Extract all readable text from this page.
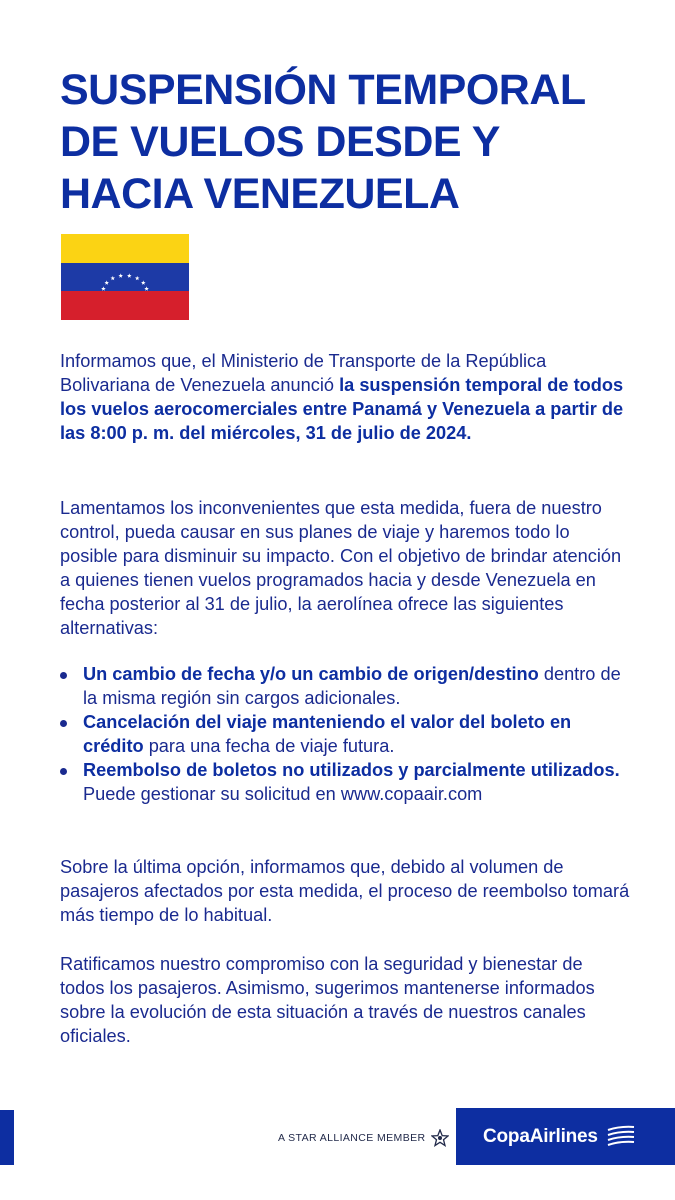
SUSPENSIÓN TEMPORAL DE VUELOS DESDE Y HACIA VENEZUELA

Informamos que, el Ministerio de Transporte de la República Bolivariana de Venezuela anunció la suspensión temporal de todos los vuelos aerocomerciales entre Panamá y Venezuela a partir de las 8:00 p. m. del miércoles, 31 de julio de 2024.

Lamentamos los inconvenientes que esta medida, fuera de nuestro control, pueda causar en sus planes de viaje y haremos todo lo posible para disminuir su impacto. Con el objetivo de brindar atención a quienes tienen vuelos programados hacia y desde Venezuela en fecha posterior al 31 de julio, la aerolínea ofrece las siguientes alternativas:

Un cambio de fecha y/o un cambio de origen/destino dentro de la misma región sin cargos adicionales.
Cancelación del viaje manteniendo el valor del boleto en crédito para una fecha de viaje futura.
Reembolso de boletos no utilizados y parcialmente utilizados. Puede gestionar su solicitud en www.copaair.com

Sobre la última opción, informamos que, debido al volumen de pasajeros afectados por esta medida, el proceso de reembolso tomará más tiempo de lo habitual.

Ratificamos nuestro compromiso con la seguridad y bienestar de todos los pasajeros. Asimismo, sugerimos mantenerse informados sobre la evolución de esta situación a través de nuestros canales oficiales.

A STAR ALLIANCE MEMBER	CopaAirlines
